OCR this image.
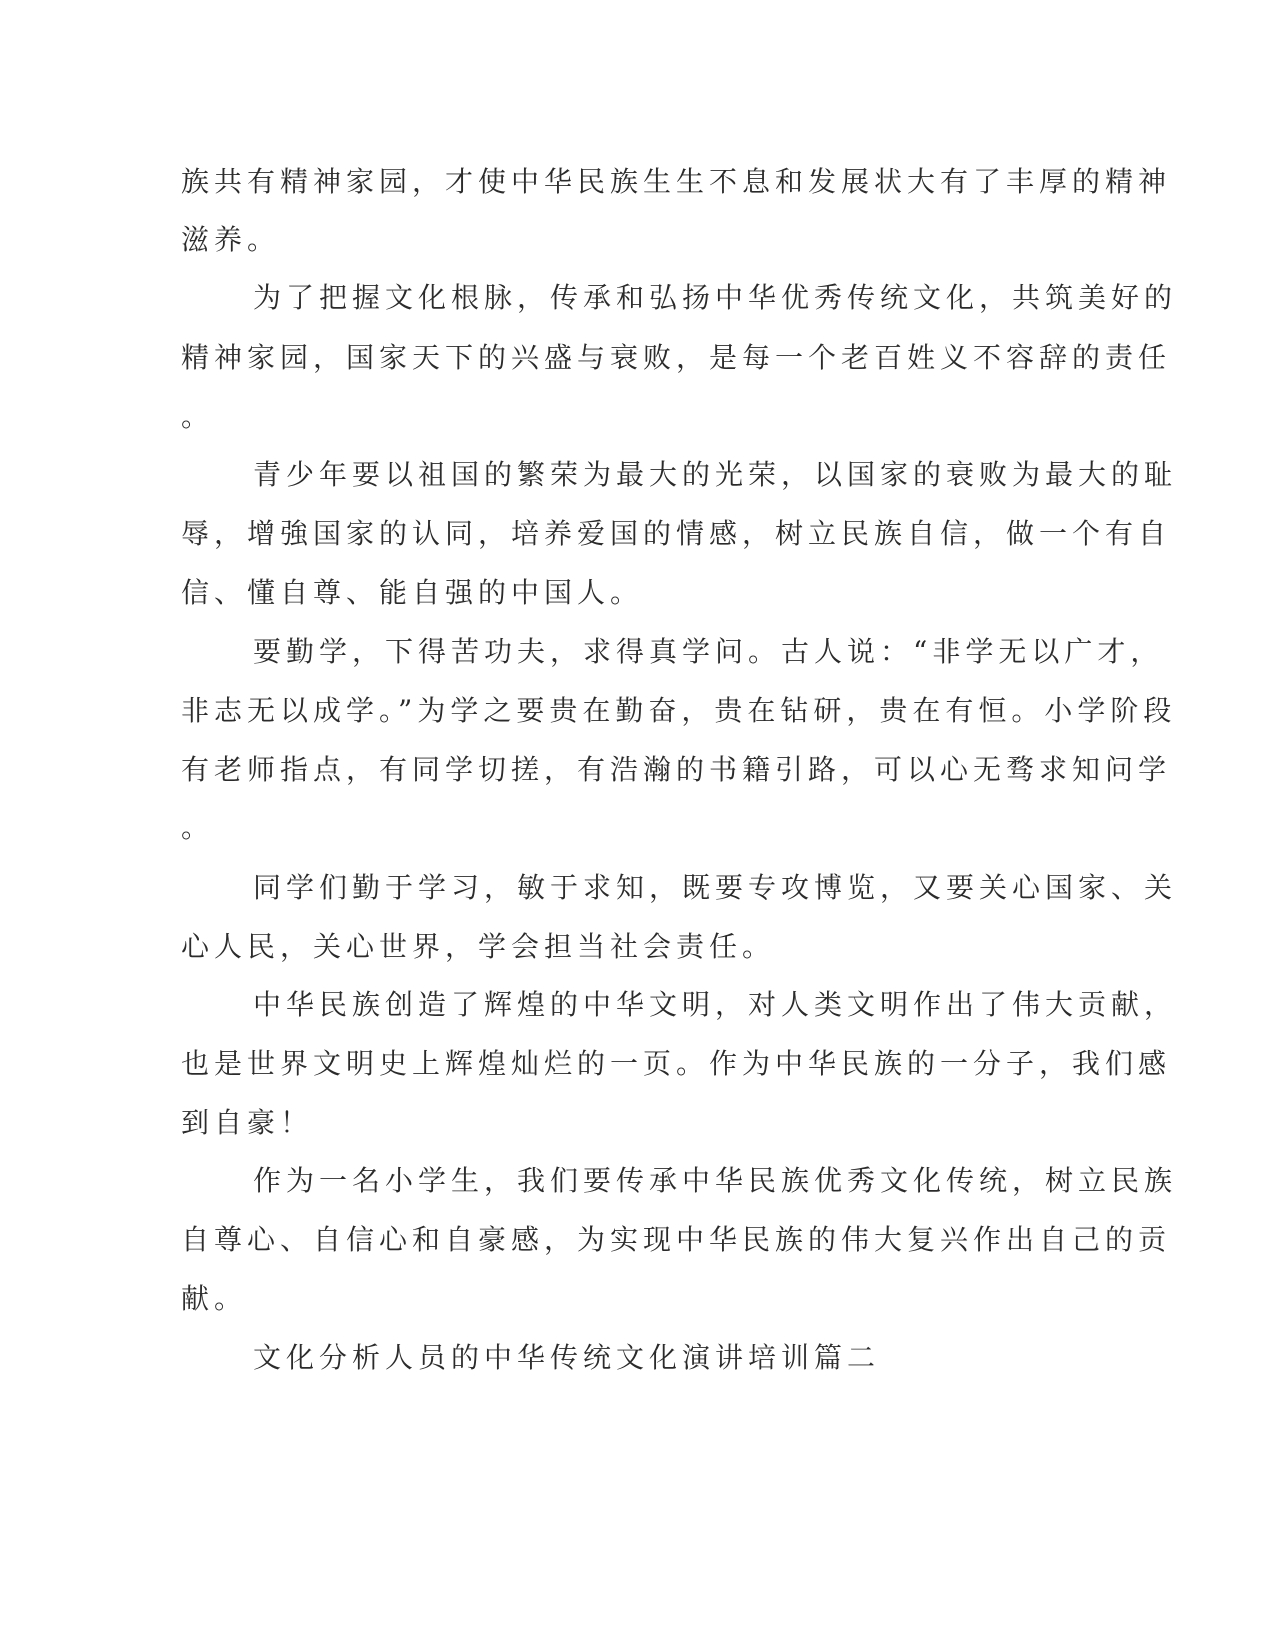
族共有精神家园，才使中华民族生生不息和发展状大有了丰厚的精神

滋养。

为了把握文化根脉，传承和弘扬中华优秀传统文化，共筑美好的

精神家园，国家天下的兴盛与衰败，是每一个老百姓义不容辞的责任

。

青少年要以祖国的繁荣为最大的光荣，以国家的衰败为最大的耻

辱，增強国家的认同，培养爱国的情感，树立民族自信，做一个有自

信、懂自尊、能自强的中国人。

要勤学，下得苦功夫，求得真学问。古人说：“非学无以广才，

非志无以成学。”为学之要贵在勤奋，贵在钻研，贵在有恒。小学阶段

有老师指点，有同学切搓，有浩瀚的书籍引路，可以心无骛求知问学

。

同学们勤于学习，敏于求知，既要专攻博览，又要关心国家、关

心人民，关心世界，学会担当社会责任。

中华民族创造了辉煌的中华文明，对人类文明作出了伟大贡献，

也是世界文明史上辉煌灿烂的一页。作为中华民族的一分子，我们感

到自豪！

作为一名小学生，我们要传承中华民族优秀文化传统，树立民族

自尊心、自信心和自豪感，为实现中华民族的伟大复兴作出自己的贡

献。

文化分析人员的中华传统文化演讲培训篇二
